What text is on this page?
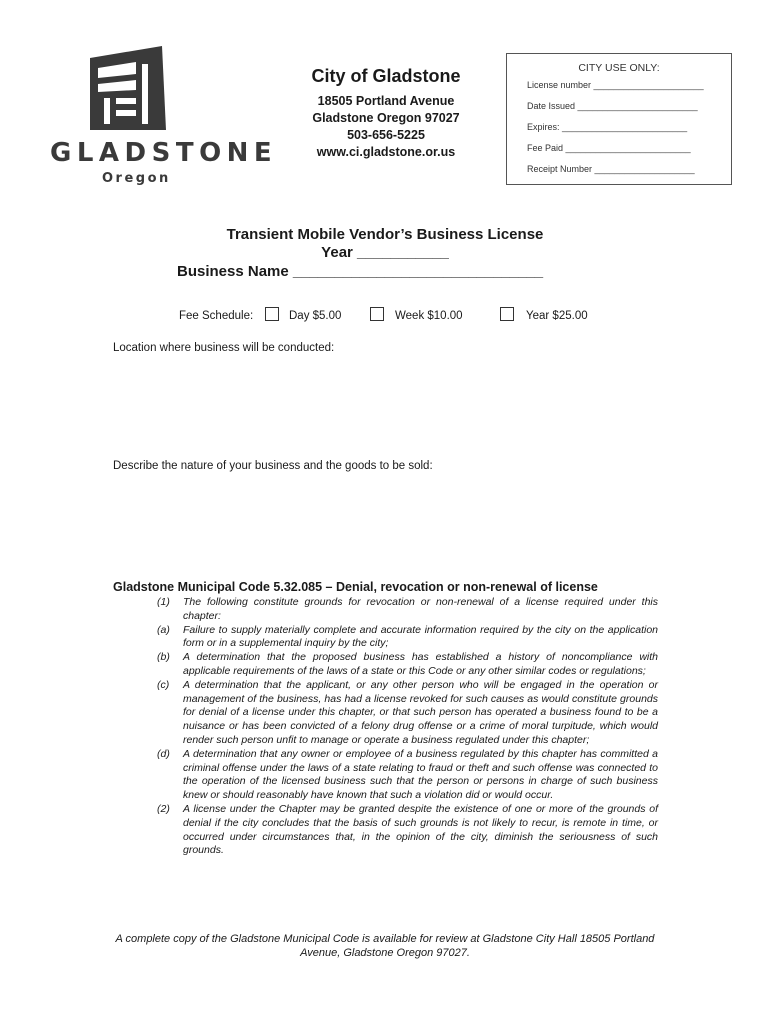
GLADSTONE
Oregon
City of Gladstone
18505 Portland Avenue
Gladstone Oregon 97027
503-656-5225
www.ci.gladstone.or.us
CITY USE ONLY:
License number ______________________
Date Issued ________________________
Expires: _________________________
Fee Paid _________________________
Receipt Number ____________________
Transient Mobile Vendor’s Business License
Year ___________
Business Name ______________________________
Fee Schedule:	Day $5.00	Week $10.00	Year $25.00
Location where business will be conducted:
Describe the nature of your business and the goods to be sold:
Gladstone Municipal Code 5.32.085 – Denial, revocation or non-renewal of license
(1) The following constitute grounds for revocation or non-renewal of a license required under this chapter:
(a) Failure to supply materially complete and accurate information required by the city on the application form or in a supplemental inquiry by the city;
(b) A determination that the proposed business has established a history of noncompliance with applicable requirements of the laws of a state or this Code or any other similar codes or regulations;
(c) A determination that the applicant, or any other person who will be engaged in the operation or management of the business, has had a license revoked for such causes as would constitute grounds for denial of a license under this chapter, or that such person has operated a business found to be a nuisance or has been convicted of a felony drug offense or a crime of moral turpitude, which would render such person unfit to manage or operate a business regulated under this chapter;
(d) A determination that any owner or employee of a business regulated by this chapter has committed a criminal offense under the laws of a state relating to fraud or theft and such offense was connected to the operation of the licensed business such that the person or persons in charge of such business knew or should reasonably have known that such a violation did or would occur.
(2) A license under the Chapter may be granted despite the existence of one or more of the grounds of denial if the city concludes that the basis of such grounds is not likely to recur, is remote in time, or occurred under circumstances that, in the opinion of the city, diminish the seriousness of such grounds.
A complete copy of the Gladstone Municipal Code is available for review at Gladstone City Hall 18505 Portland Avenue, Gladstone Oregon 97027.
